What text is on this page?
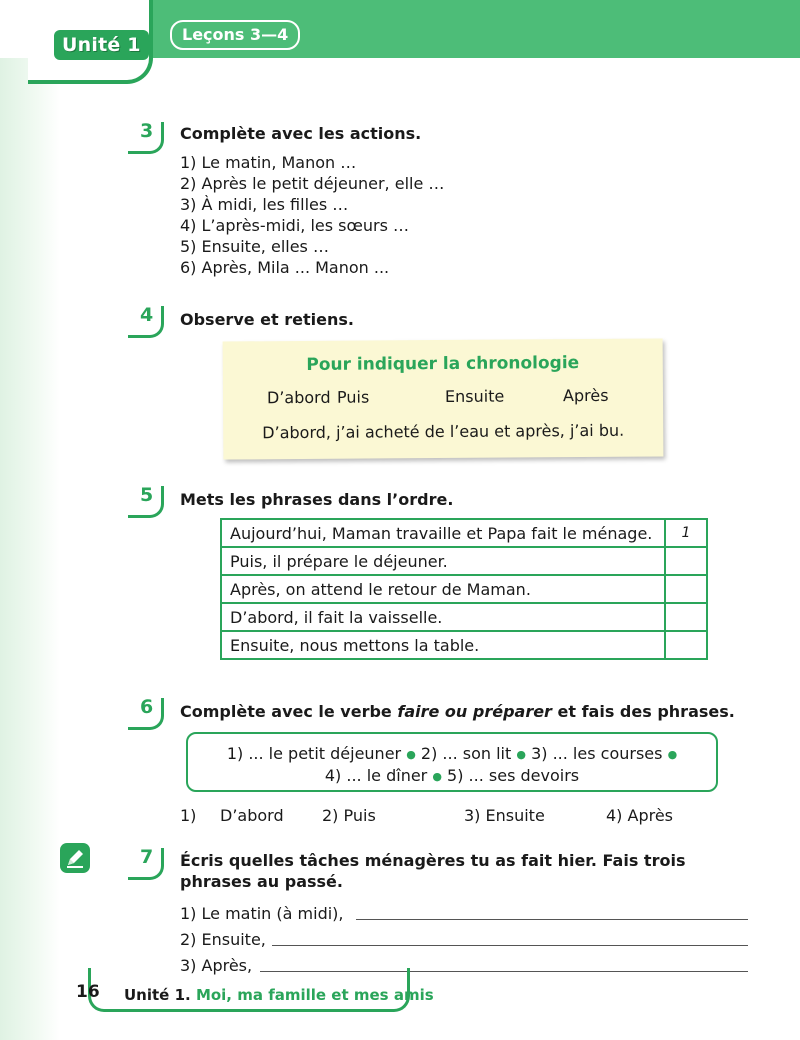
Unité 1	Leçons 3—4
3 Complète avec les actions.
1) Le matin, Manon …
2) Après le petit déjeuner, elle …
3) À midi, les filles …
4) L’après-midi, les sœurs …
5) Ensuite, elles …
6) Après, Mila ... Manon ...
4 Observe et retiens.
Pour indiquer la chronologie
D’abord Puis	Ensuite	Après
D’abord, j’ai acheté de l’eau et après, j’ai bu.
5 Mets les phrases dans l’ordre.
Aujourd’hui, Maman travaille et Papa fait le ménage.	1
Puis, il prépare le déjeuner.	
Après, on attend le retour de Maman.	
D’abord, il fait la vaisselle.	
Ensuite, nous mettons la table.	
6 Complète avec le verbe faire ou préparer et fais des phrases.
1) ... le petit déjeuner ● 2) ... son lit ● 3) ... les courses ●
4) ... le dîner ● 5) ... ses devoirs
1) D’abord 2) Puis	3) Ensuite	4) Après
7 Écris quelles tâches ménagères tu as fait hier. Fais trois phrases au passé.
1) Le matin (à midi),
2) Ensuite,
3) Après,
16 Unité 1. Moi, ma famille et mes amis
